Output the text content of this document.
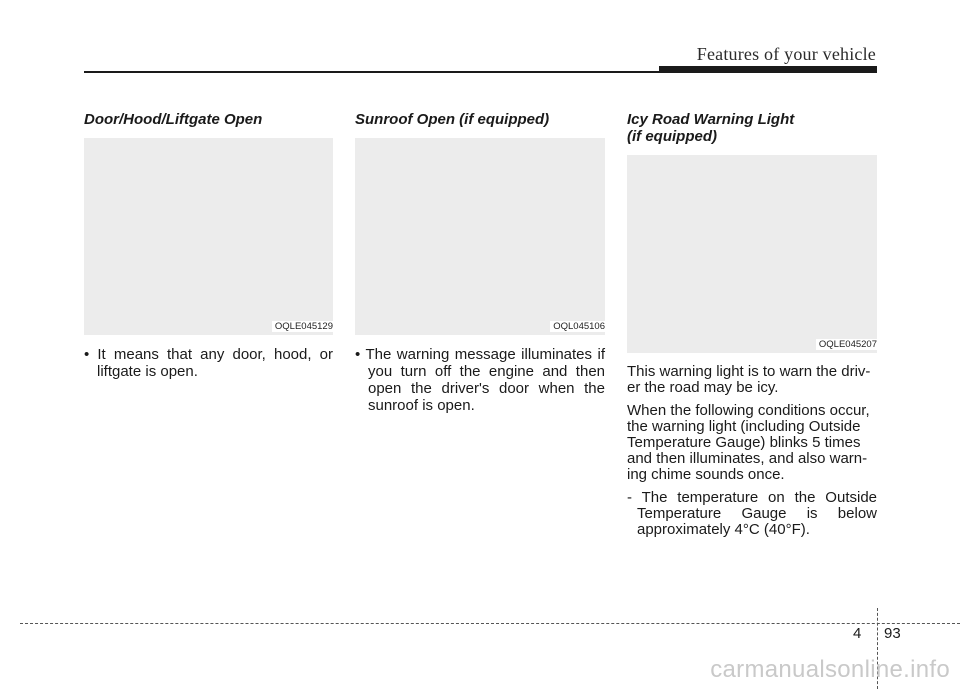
Features of your vehicle
Door/Hood/Liftgate Open
OQLE045129

• It means that any door, hood, or liftgate is open.

Sunroof Open (if equipped)
OQL045106

• The warning message illuminates if you turn off the engine and then open the driver's door when the sunroof is open.

Icy Road Warning Light
(if equipped)
OQLE045207

This warning light is to warn the driv-er the road may be icy.

When the following conditions occur, the warning light (including Outside Temperature Gauge) blinks 5 times and then illuminates, and also warn-ing chime sounds once.

- The temperature on the Outside Temperature Gauge is below approximately 4°C (40°F).

4 93
carmanualsonline.info
